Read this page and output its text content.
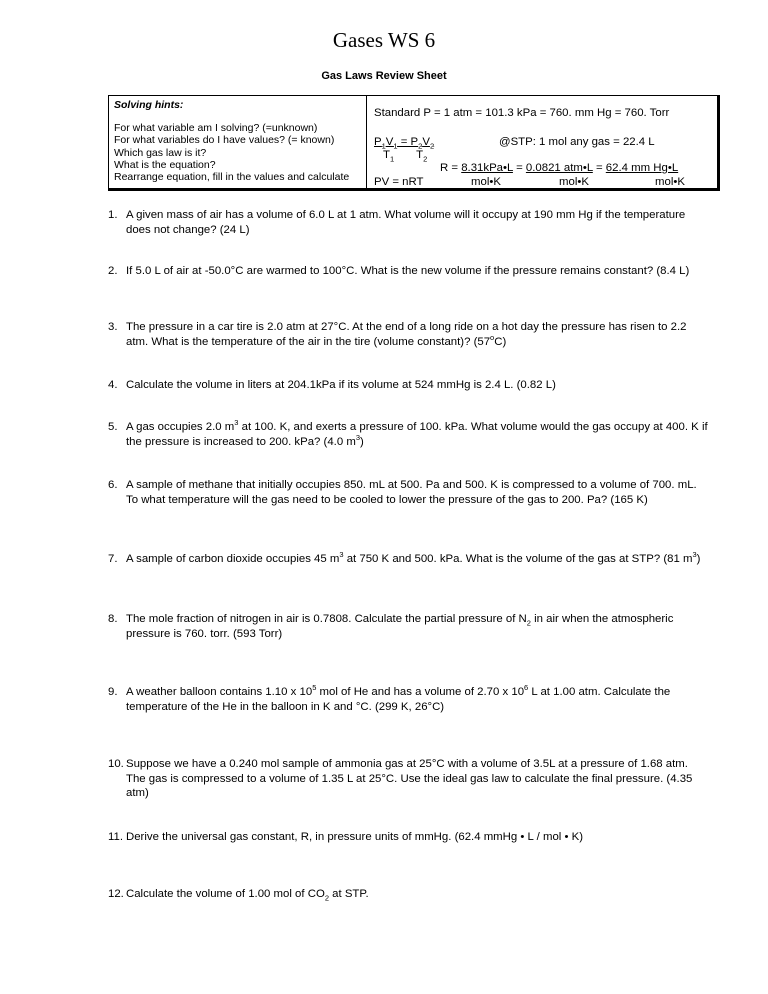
Gases WS 6
Gas Laws Review Sheet
Solving hints:
For what variable am I solving? (=unknown)
For what variables do I have values? (= known)
Which gas law is it?
What is the equation?
Rearrange equation, fill in the values and calculate
Standard P = 1 atm = 101.3 kPa = 760. mm Hg = 760. Torr
$P_1V_1 = P_2V_2$
$T_1$ $T_2$
@STP: 1 mol any gas = 22.4 L
R = 8.31kPa•L = 0.0821 atm•L = 62.4 mm Hg•L
PV = nRT	mol•K	mol•K	mol•K
1. A given mass of air has a volume of 6.0 L at 1 atm. What volume will it occupy at 190 mm Hg if the temperature does not change? (24 L)
2. If 5.0 L of air at -50.0°C are warmed to 100°C. What is the new volume if the pressure remains constant? (8.4 L)
3. The pressure in a car tire is 2.0 atm at 27°C. At the end of a long ride on a hot day the pressure has risen to 2.2 atm. What is the temperature of the air in the tire (volume constant)? (57$^o$C)
4. Calculate the volume in liters at 204.1kPa if its volume at 524 mmHg is 2.4 L. (0.82 L)
5. A gas occupies 2.0 $m^3$ at 100. K, and exerts a pressure of 100. kPa. What volume would the gas occupy at 400. K if the pressure is increased to 200. kPa? (4.0 $m^3$)
6. A sample of methane that initially occupies 850. mL at 500. Pa and 500. K is compressed to a volume of 700. mL. To what temperature will the gas need to be cooled to lower the pressure of the gas to 200. Pa? (165 K)
7. A sample of carbon dioxide occupies 45 $m^3$ at 750 K and 500. kPa. What is the volume of the gas at STP? (81 $m^3$)
8. The mole fraction of nitrogen in air is 0.7808. Calculate the partial pressure of $N_2$ in air when the atmospheric pressure is 760. torr. (593 Torr)
9. A weather balloon contains 1.10 x $10^5$ mol of He and has a volume of 2.70 x $10^6$ L at 1.00 atm. Calculate the temperature of the He in the balloon in K and °C. (299 K, 26°C)
10. Suppose we have a 0.240 mol sample of ammonia gas at 25°C with a volume of 3.5L at a pressure of 1.68 atm. The gas is compressed to a volume of 1.35 L at 25°C. Use the ideal gas law to calculate the final pressure. (4.35 atm)
11. Derive the universal gas constant, R, in pressure units of mmHg. (62.4 mmHg • L / mol • K)
12. Calculate the volume of 1.00 mol of $CO_2$ at STP.
